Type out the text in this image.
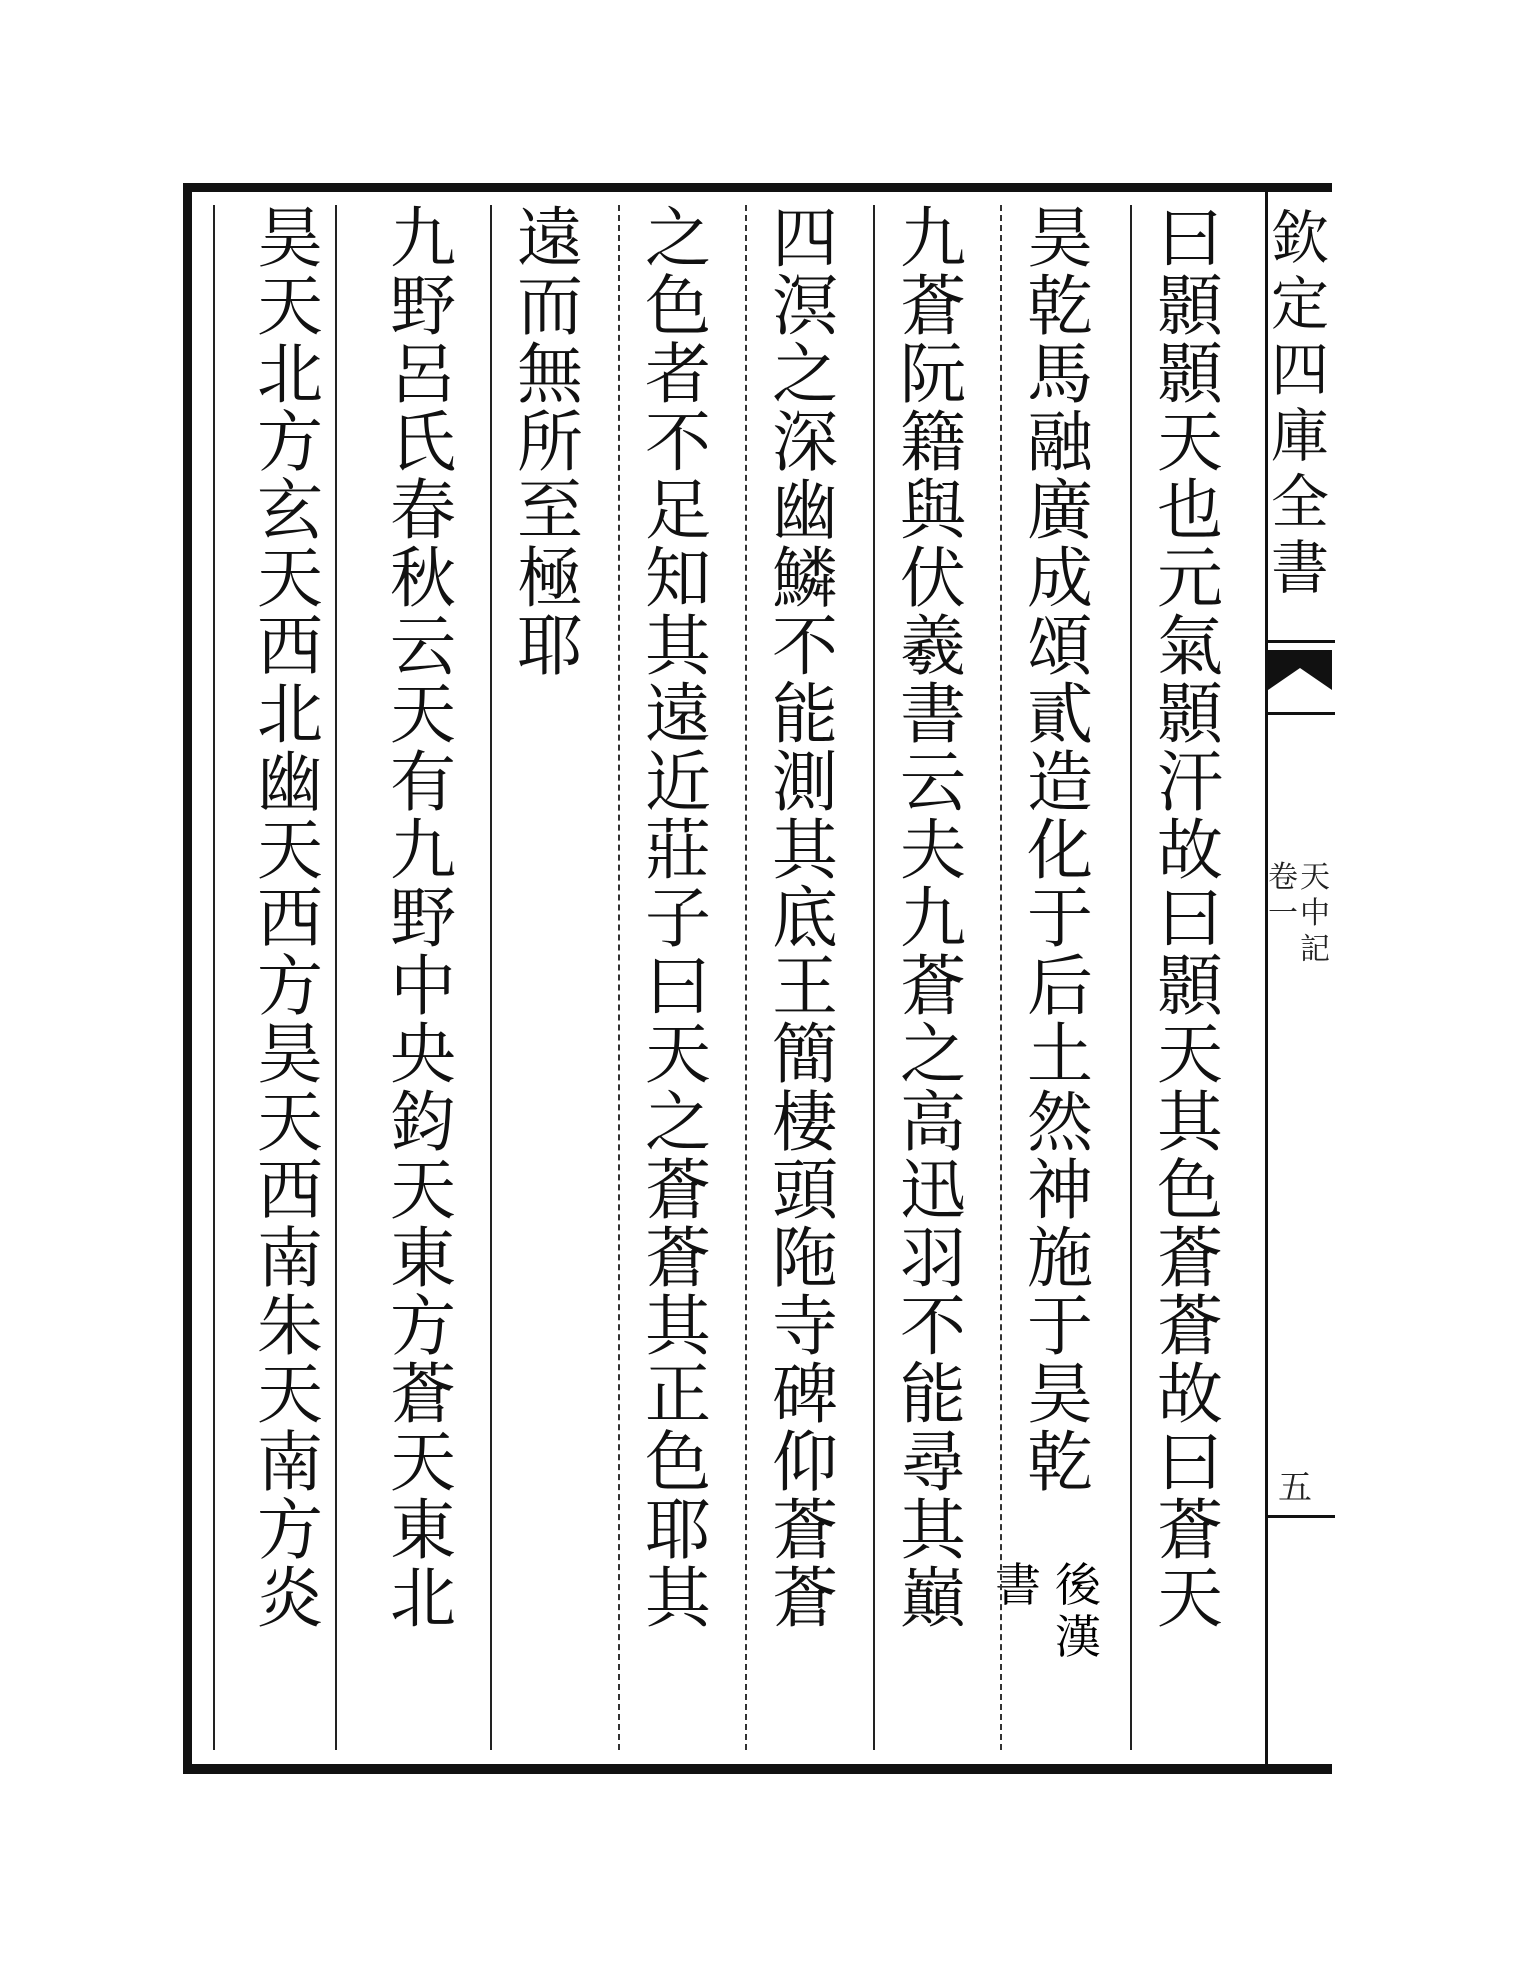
曰
顥
顥
天
也
元
氣
顥
汗
故
曰
顥
天
其
色
蒼
蒼
故
曰
蒼
天
昊
乾
馬
融
廣
成
頌
貳
造
化
于
后
土
然
神
施
于
昊
乾
後
漢
書
九
蒼
阮
籍
與
伏
羲
書
云
夫
九
蒼
之
高
迅
羽
不
能
尋
其
巔
四
溟
之
深
幽
鱗
不
能
測
其
底
王
簡
棲
頭
陁
寺
碑
仰
蒼
蒼
之
色
者
不
足
知
其
遠
近
莊
子
曰
天
之
蒼
蒼
其
正
色
耶
其
遠
而
無
所
至
極
耶
九
野
呂
氏
春
秋
云
天
有
九
野
中
央
鈞
天
東
方
蒼
天
東
北
昊
天
北
方
玄
天
西
北
幽
天
西
方
昊
天
西
南
朱
天
南
方
炎
欽
定
四
庫
全
書
天
中
記
卷
一
五
